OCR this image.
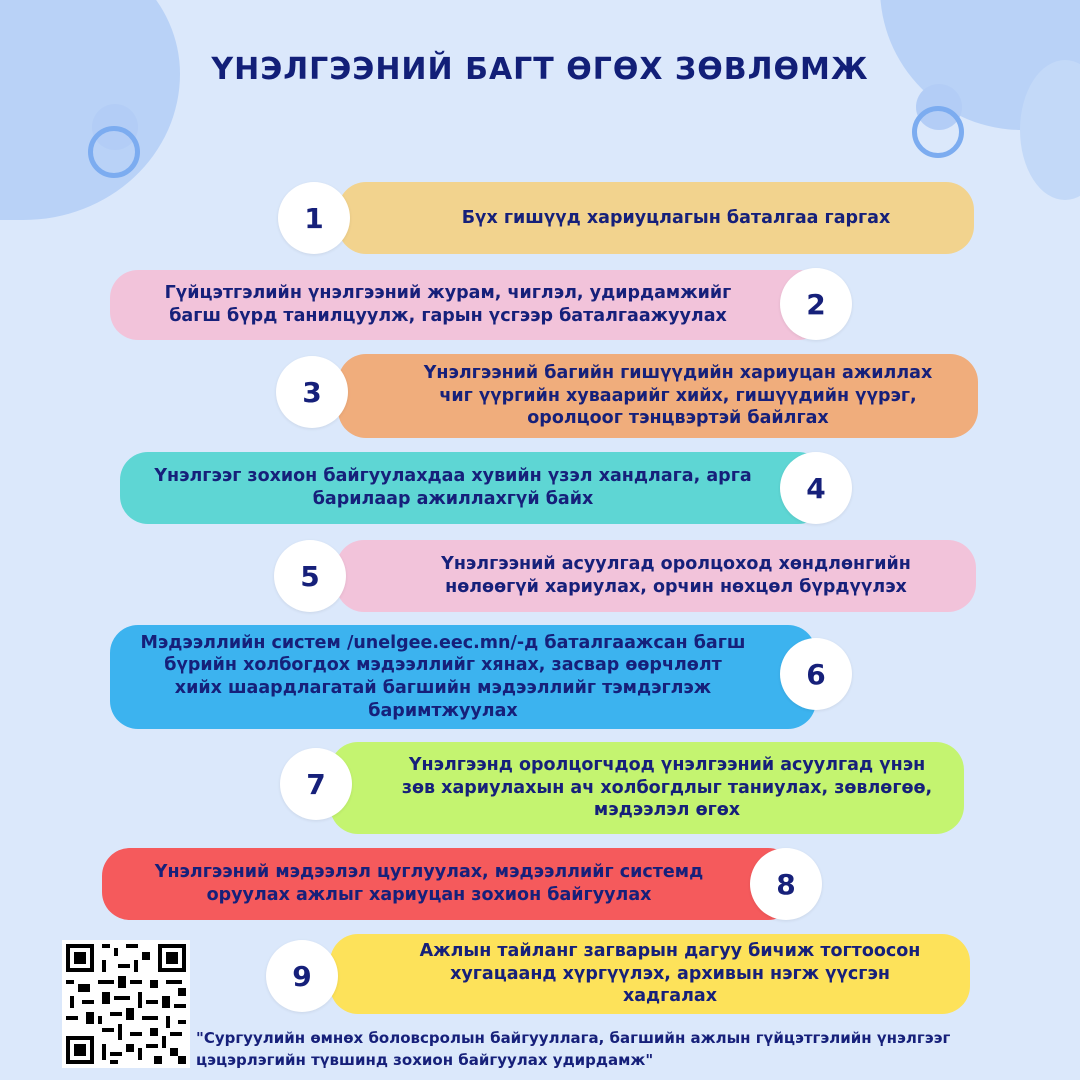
ҮНЭЛГЭЭНИЙ БАГТ ӨГӨХ ЗӨВЛӨМЖ
Бүх гишүүд хариуцлагын баталгаа гаргах
1
Гүйцэтгэлийн үнэлгээний журам, чиглэл, удирдамжийг багш бүрд танилцуулж, гарын үсгээр баталгаажуулах	2
Үнэлгээний багийн гишүүдийн хариуцан ажиллах чиг үүргийн хуваарийг хийх, гишүүдийн үүрэг, оролцоог тэнцвэртэй байлгах
3
Үнэлгээг зохион байгуулахдаа хувийн үзэл хандлага, арга барилаар ажиллахгүй байх	4
Үнэлгээний асуулгад оролцоход хөндлөнгийн нөлөөгүй хариулах, орчин нөхцөл бүрдүүлэх
5
Мэдээллийн систем /unelgee.eec.mn/-д баталгаажсан багш бүрийн холбогдох мэдээллийг хянах, засвар өөрчлөлт хийх шаардлагатай багшийн мэдээллийг тэмдэглэж баримтжуулах
6
Үнэлгээнд оролцогчдод үнэлгээний асуулгад үнэн зөв хариулахын ач холбогдлыг таниулах, зөвлөгөө, мэдээлэл өгөх
7
Үнэлгээний мэдээлэл цуглуулах, мэдээллийг системд оруулах ажлыг хариуцан зохион байгуулах	8
Ажлын тайланг загварын дагуу бичиж тогтоосон хугацаанд хүргүүлэх, архивын нэгж үүсгэн хадгалах
9
"Сургуулийн өмнөх боловсролын байгууллага, багшийн ажлын гүйцэтгэлийн үнэлгээг цэцэрлэгийн түвшинд зохион байгуулах удирдамж"
